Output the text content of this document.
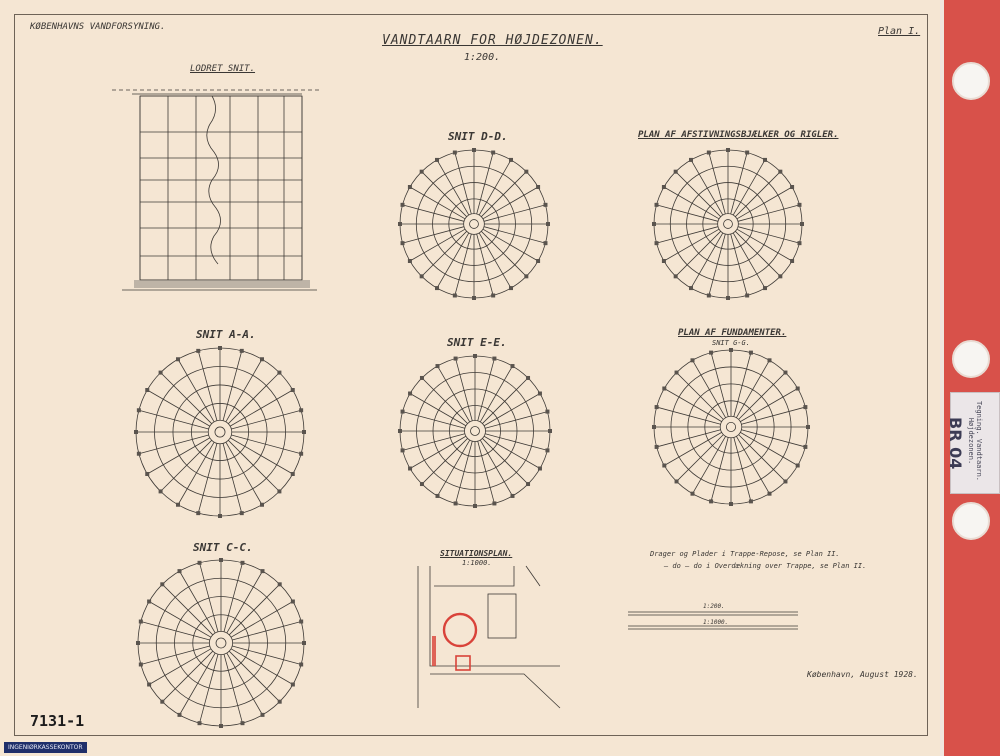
KØBENHAVNS VANDFORSYNING.	Plan I.
VANDTAARN FOR HØJDEZONEN.
1:200.
LODRET SNIT.
SNIT D-D.	PLAN AF AFSTIVNINGSBJÆLKER OG RIGLER.
SNIT A-A.
SNIT E-E.
PLAN AF FUNDAMENTER.
SNIT G-G.
SNIT C-C.	SITUATIONSPLAN.
1:1000.
Drager og Plader i Trappe-Repose, se Plan II.
— do — do i Overdækning over Trappe, se Plan II.
1:200.
1:1000.
København, August 1928.
7131-1
INGENIØRKASSEKONTOR
Tegning. Vandtaarn. Højdezonen.
BR 04
